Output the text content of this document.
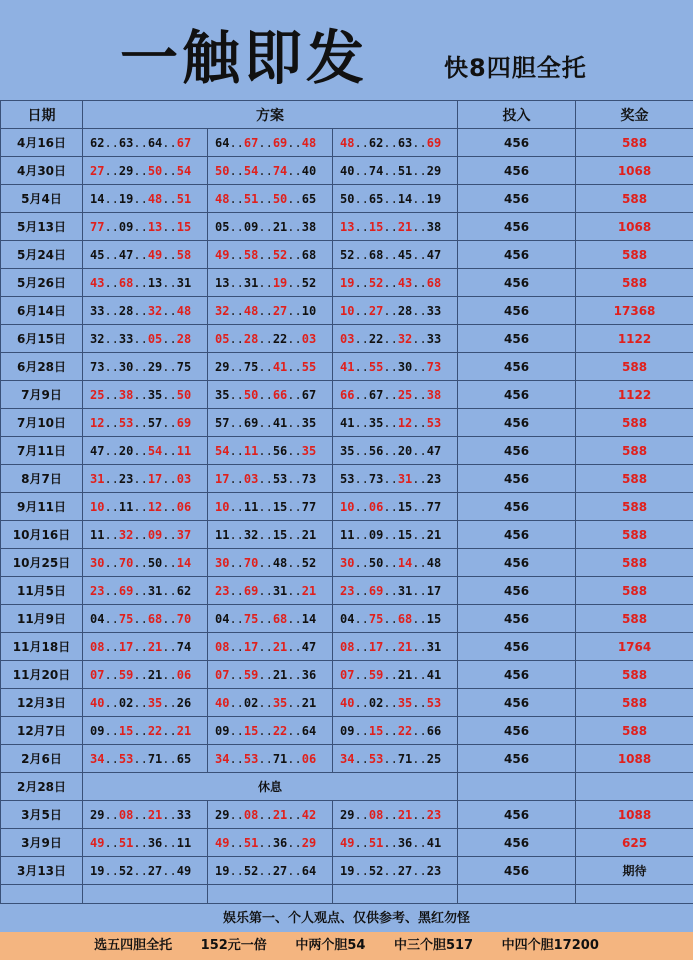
一触即发	快8四胆全托
日期	方案			投入	奖金
4月16日	62..63..64..67	64..67..69..48	48..62..63..69	456	588
4月30日	27..29..50..54	50..54..74..40	40..74..51..29	456	1068
5月4日	14..19..48..51	48..51..50..65	50..65..14..19	456	588
5月13日	77..09..13..15	05..09..21..38	13..15..21..38	456	1068
5月24日	45..47..49..58	49..58..52..68	52..68..45..47	456	588
5月26日	43..68..13..31	13..31..19..52	19..52..43..68	456	588
6月14日	33..28..32..48	32..48..27..10	10..27..28..33	456	17368
6月15日	32..33..05..28	05..28..22..03	03..22..32..33	456	1122
6月28日	73..30..29..75	29..75..41..55	41..55..30..73	456	588
7月9日	25..38..35..50	35..50..66..67	66..67..25..38	456	1122
7月10日	12..53..57..69	57..69..41..35	41..35..12..53	456	588
7月11日	47..20..54..11	54..11..56..35	35..56..20..47	456	588
8月7日	31..23..17..03	17..03..53..73	53..73..31..23	456	588
9月11日	10..11..12..06	10..11..15..77	10..06..15..77	456	588
10月16日	11..32..09..37	11..32..15..21	11..09..15..21	456	588
10月25日	30..70..50..14	30..70..48..52	30..50..14..48	456	588
11月5日	23..69..31..62	23..69..31..21	23..69..31..17	456	588
11月9日	04..75..68..70	04..75..68..14	04..75..68..15	456	588
11月18日	08..17..21..74	08..17..21..47	08..17..21..31	456	1764
11月20日	07..59..21..06	07..59..21..36	07..59..21..41	456	588
12月3日	40..02..35..26	40..02..35..21	40..02..35..53	456	588
12月7日	09..15..22..21	09..15..22..64	09..15..22..66	456	588
2月6日	34..53..71..65	34..53..71..06	34..53..71..25	456	1088
2月28日	休息				
3月5日	29..08..21..33	29..08..21..42	29..08..21..23	456	1088
3月9日	49..51..36..11	49..51..36..29	49..51..36..41	456	625
3月13日	19..52..27..49	19..52..27..64	19..52..27..23	456	期待

娱乐第一、个人观点、仅供参考、黑红勿怪
选五四胆全托 152元一倍 中两个胆54 中三个胆517 中四个胆17200
